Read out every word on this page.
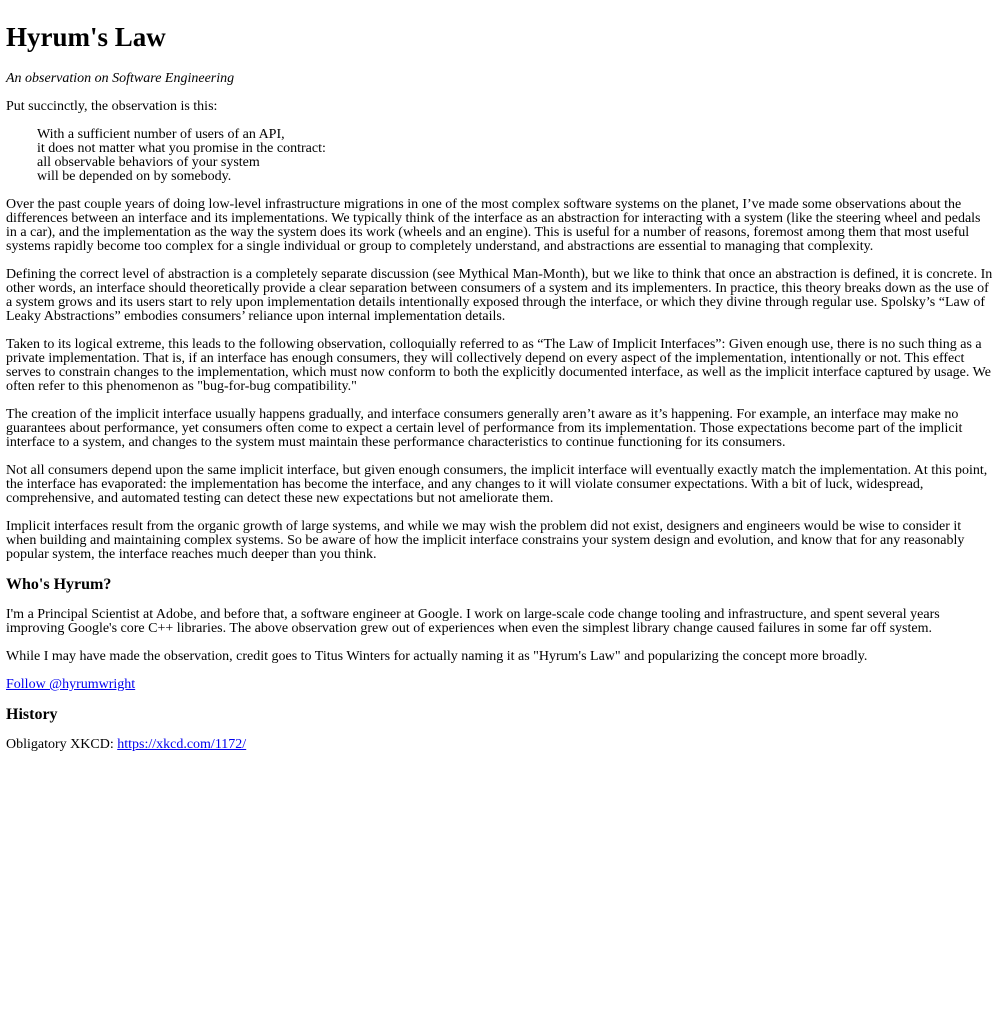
Hyrum's Law

An observation on Software Engineering

Put succinctly, the observation is this:

With a sufficient number of users of an API,
it does not matter what you promise in the contract:
all observable behaviors of your system
will be depended on by somebody.

Over the past couple years of doing low-level infrastructure migrations in one of the most complex software systems on the planet, I’ve made some observations about the differences between an interface and its implementations. We typically think of the interface as an abstraction for interacting with a system (like the steering wheel and pedals in a car), and the implementation as the way the system does its work (wheels and an engine). This is useful for a number of reasons, foremost among them that most useful systems rapidly become too complex for a single individual or group to completely understand, and abstractions are essential to managing that complexity.

Defining the correct level of abstraction is a completely separate discussion (see Mythical Man-Month), but we like to think that once an abstraction is defined, it is concrete. In other words, an interface should theoretically provide a clear separation between consumers of a system and its implementers. In practice, this theory breaks down as the use of a system grows and its users start to rely upon implementation details intentionally exposed through the interface, or which they divine through regular use. Spolsky’s “Law of Leaky Abstractions” embodies consumers’ reliance upon internal implementation details.

Taken to its logical extreme, this leads to the following observation, colloquially referred to as “The Law of Implicit Interfaces”: Given enough use, there is no such thing as a private implementation. That is, if an interface has enough consumers, they will collectively depend on every aspect of the implementation, intentionally or not. This effect serves to constrain changes to the implementation, which must now conform to both the explicitly documented interface, as well as the implicit interface captured by usage. We often refer to this phenomenon as "bug-for-bug compatibility."

The creation of the implicit interface usually happens gradually, and interface consumers generally aren’t aware as it’s happening. For example, an interface may make no guarantees about performance, yet consumers often come to expect a certain level of performance from its implementation. Those expectations become part of the implicit interface to a system, and changes to the system must maintain these performance characteristics to continue functioning for its consumers.

Not all consumers depend upon the same implicit interface, but given enough consumers, the implicit interface will eventually exactly match the implementation. At this point, the interface has evaporated: the implementation has become the interface, and any changes to it will violate consumer expectations. With a bit of luck, widespread, comprehensive, and automated testing can detect these new expectations but not ameliorate them.

Implicit interfaces result from the organic growth of large systems, and while we may wish the problem did not exist, designers and engineers would be wise to consider it when building and maintaining complex systems. So be aware of how the implicit interface constrains your system design and evolution, and know that for any reasonably popular system, the interface reaches much deeper than you think.

Who's Hyrum?

I'm a Principal Scientist at Adobe, and before that, a software engineer at Google. I work on large-scale code change tooling and infrastructure, and spent several years improving Google's core C++ libraries. The above observation grew out of experiences when even the simplest library change caused failures in some far off system.

While I may have made the observation, credit goes to Titus Winters for actually naming it as "Hyrum's Law" and popularizing the concept more broadly.

Follow @hyrumwright

History

Obligatory XKCD: https://xkcd.com/1172/
